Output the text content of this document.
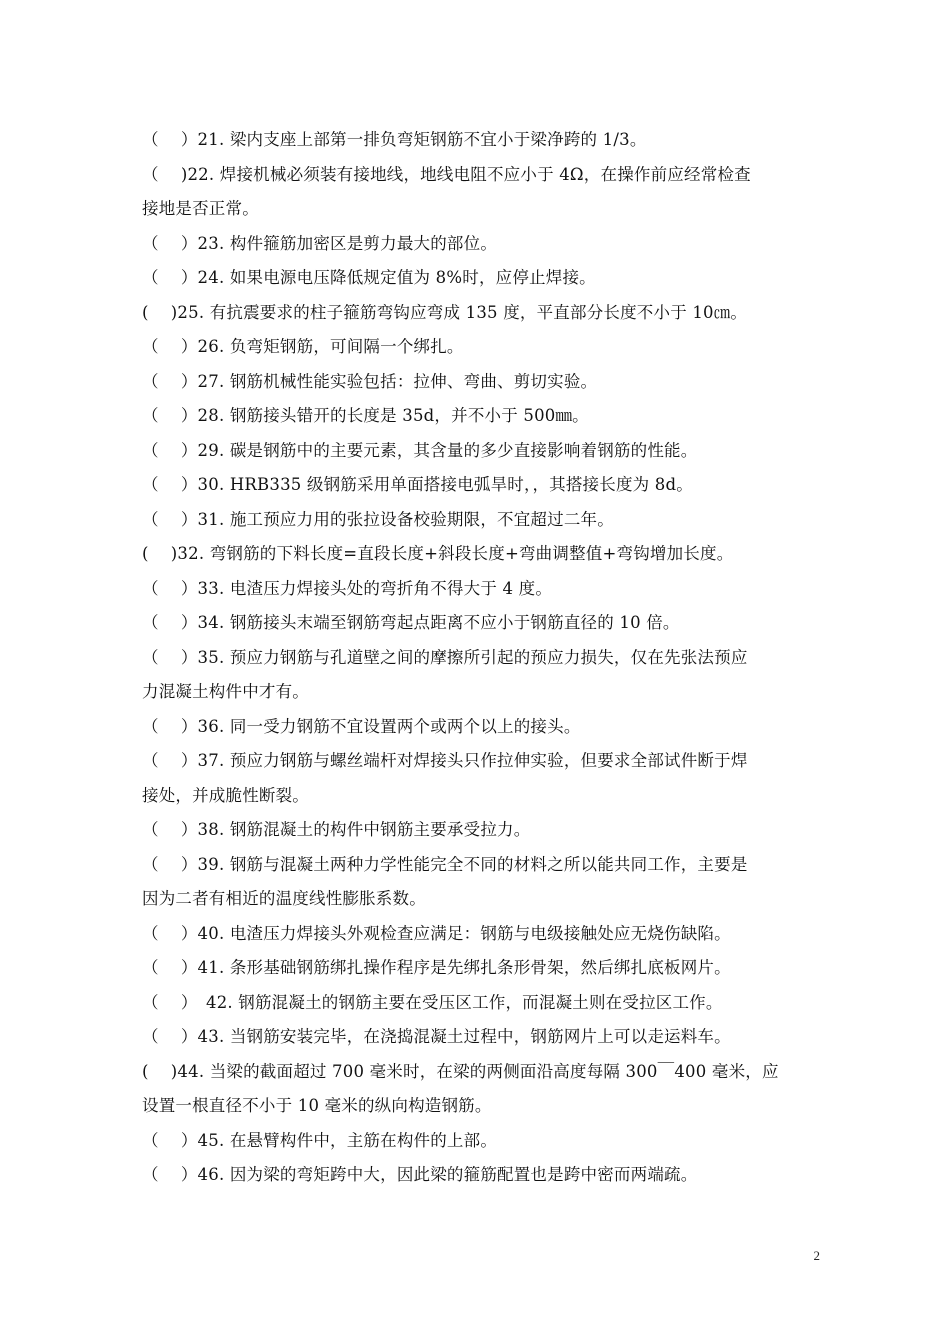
（　 ）21. 梁内支座上部第一排负弯矩钢筋不宜小于梁净跨的 1/3。
（　 )22. 焊接机械必须装有接地线，地线电阻不应小于 4Ω，在操作前应经常检查
接地是否正常。
（　 ）23. 构件箍筋加密区是剪力最大的部位。
（　 ）24. 如果电源电压降低规定值为 8%时，应停止焊接。
(　 )25. 有抗震要求的柱子箍筋弯钩应弯成 135 度，平直部分长度不小于 10㎝。
（　 ）26. 负弯矩钢筋，可间隔一个绑扎。
（　 ）27. 钢筋机械性能实验包括：拉伸、弯曲、剪切实验。
（　 ）28. 钢筋接头错开的长度是 35d，并不小于 500㎜。
（　 ）29. 碳是钢筋中的主要元素，其含量的多少直接影响着钢筋的性能。
（　 ）30. HRB335 级钢筋采用单面搭接电弧旱时，，其搭接长度为 8d。
（　 ）31. 施工预应力用的张拉设备校验期限，不宜超过二年。
(　 )32. 弯钢筋的下料长度=直段长度+斜段长度+弯曲调整值+弯钩增加长度。
（　 ）33. 电渣压力焊接头处的弯折角不得大于 4 度。
（　 ）34. 钢筋接头末端至钢筋弯起点距离不应小于钢筋直径的 10 倍。
（　 ）35. 预应力钢筋与孔道壁之间的摩擦所引起的预应力损失，仅在先张法预应
力混凝土构件中才有。
（　 ）36. 同一受力钢筋不宜设置两个或两个以上的接头。
（　 ）37. 预应力钢筋与螺丝端杆对焊接头只作拉伸实验，但要求全部试件断于焊
接处，并成脆性断裂。
（　 ）38. 钢筋混凝土的构件中钢筋主要承受拉力。
（　 ）39. 钢筋与混凝土两种力学性能完全不同的材料之所以能共同工作，主要是
因为二者有相近的温度线性膨胀系数。
（　 ）40. 电渣压力焊接头外观检查应满足：钢筋与电级接触处应无烧伤缺陷。
（　 ）41. 条形基础钢筋绑扎操作程序是先绑扎条形骨架，然后绑扎底板网片。
（　 ）　42. 钢筋混凝土的钢筋主要在受压区工作，而混凝土则在受拉区工作。
（　 ）43. 当钢筋安装完毕，在浇捣混凝土过程中，钢筋网片上可以走运料车。
(　 )44. 当梁的截面超过 700 毫米时，在梁的两侧面沿高度每隔 300￣400 毫米，应
设置一根直径不小于 10 毫米的纵向构造钢筋。
（　 ）45. 在悬臂构件中，主筋在构件的上部。
（　 ）46. 因为梁的弯矩跨中大，因此梁的箍筋配置也是跨中密而两端疏。
2
